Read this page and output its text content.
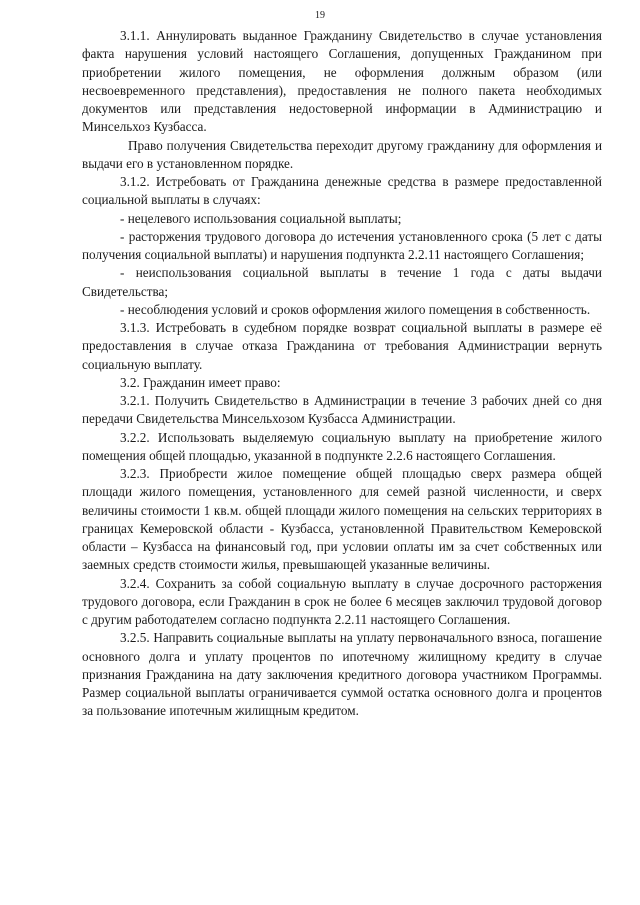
19

3.1.1. Аннулировать выданное Гражданину Свидетельство в случае установления факта нарушения условий настоящего Соглашения, допущенных Гражданином при приобретении жилого помещения, не оформления должным образом (или несвоевременного представления), предоставления не полного пакета необходимых документов или представления недостоверной информации в Администрацию и Минсельхоз Кузбасса.

Право получения Свидетельства переходит другому гражданину для оформления и выдачи его в установленном порядке.

3.1.2. Истребовать от Гражданина денежные средства в размере предоставленной социальной выплаты в случаях:

- нецелевого использования социальной выплаты;

- расторжения трудового договора до истечения установленного срока (5 лет с даты получения социальной выплаты) и нарушения подпункта 2.2.11 настоящего Соглашения;

- неиспользования социальной выплаты в течение 1 года с даты выдачи Свидетельства;

- несоблюдения условий и сроков оформления жилого помещения в собственность.

3.1.3. Истребовать в судебном порядке возврат социальной выплаты в размере её предоставления в случае отказа Гражданина от требования Администрации вернуть социальную выплату.

3.2. Гражданин имеет право:

3.2.1. Получить Свидетельство в Администрации в течение 3 рабочих дней со дня передачи Свидетельства Минсельхозом Кузбасса Администрации.

3.2.2. Использовать выделяемую социальную выплату на приобретение жилого помещения общей площадью, указанной в подпункте 2.2.6 настоящего Соглашения.

3.2.3. Приобрести жилое помещение общей площадью сверх размера общей площади жилого помещения, установленного для семей разной численности, и сверх величины стоимости 1 кв.м. общей площади жилого помещения на сельских территориях в границах Кемеровской области - Кузбасса, установленной Правительством Кемеровской области – Кузбасса на финансовый год, при условии оплаты им за счет собственных или заемных средств стоимости жилья, превышающей указанные величины.

3.2.4. Сохранить за собой социальную выплату в случае досрочного расторжения трудового договора, если Гражданин в срок не более 6 месяцев заключил трудовой договор с другим работодателем согласно подпункта 2.2.11 настоящего Соглашения.

3.2.5. Направить социальные выплаты на уплату первоначального взноса, погашение основного долга и уплату процентов по ипотечному жилищному кредиту в случае признания Гражданина на дату заключения кредитного договора участником Программы. Размер социальной выплаты ограничивается суммой остатка основного долга и процентов за пользование ипотечным жилищным кредитом.
